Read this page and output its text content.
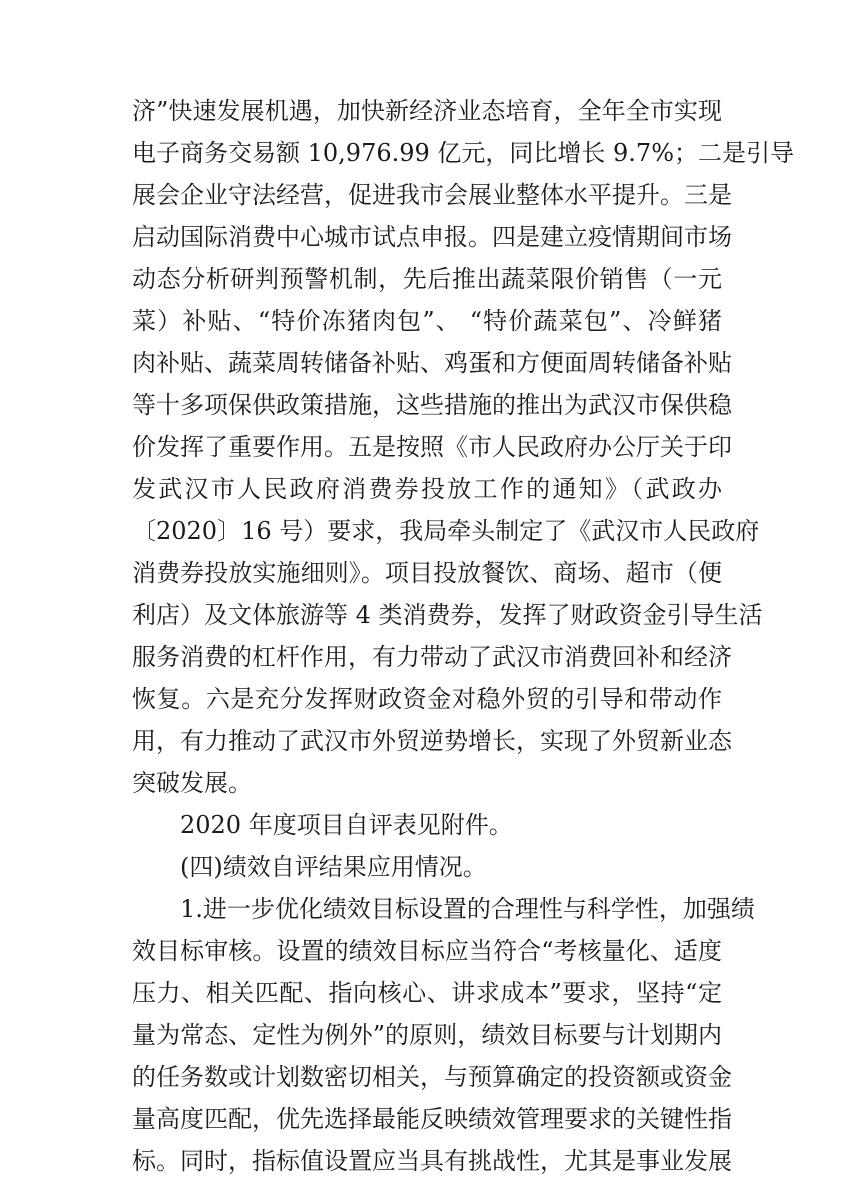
济”快速发展机遇，加快新经济业态培育，全年全市实现
电子商务交易额 10,976.99 亿元，同比增长 9.7%；二是引导
展会企业守法经营，促进我市会展业整体水平提升。三是
启动国际消费中心城市试点申报。四是建立疫情期间市场
动态分析研判预警机制，先后推出蔬菜限价销售（一元
菜）补贴、“特价冻猪肉包”、 “特价蔬菜包”、冷鲜猪
肉补贴、蔬菜周转储备补贴、鸡蛋和方便面周转储备补贴
等十多项保供政策措施，这些措施的推出为武汉市保供稳
价发挥了重要作用。五是按照《市人民政府办公厅关于印
发武汉市人民政府消费券投放工作的通知》（武政办
〔2020〕16 号）要求，我局牵头制定了《武汉市人民政府
消费券投放实施细则》。项目投放餐饮、商场、超市（便
利店）及文体旅游等 4 类消费券，发挥了财政资金引导生活
服务消费的杠杆作用，有力带动了武汉市消费回补和经济
恢复。六是充分发挥财政资金对稳外贸的引导和带动作
用，有力推动了武汉市外贸逆势增长，实现了外贸新业态
突破发展。
2020 年度项目自评表见附件。
(四)绩效自评结果应用情况。
1.进一步优化绩效目标设置的合理性与科学性，加强绩
效目标审核。设置的绩效目标应当符合“考核量化、适度
压力、相关匹配、指向核心、讲求成本”要求，坚持“定
量为常态、定性为例外”的原则，绩效目标要与计划期内
的任务数或计划数密切相关，与预算确定的投资额或资金
量高度匹配，优先选择最能反映绩效管理要求的关键性指
标。同时，指标值设置应当具有挑战性，尤其是事业发展
